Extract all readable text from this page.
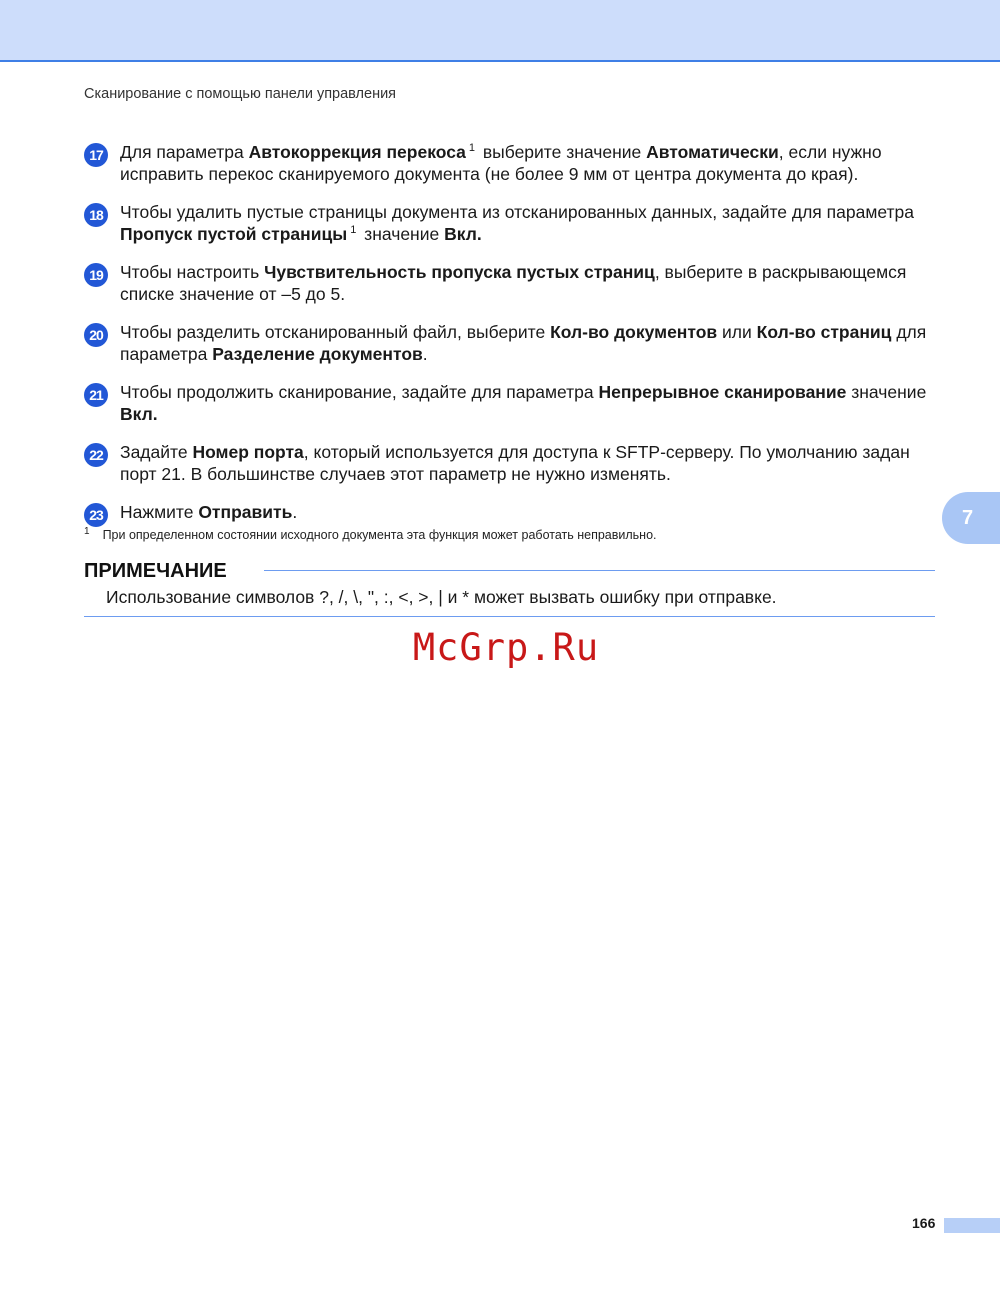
Сканирование с помощью панели управления
17 Для параметра Автокоррекция перекоса $^1$ выберите значение Автоматически, если нужно исправить перекос сканируемого документа (не более 9 мм от центра документа до края).
18 Чтобы удалить пустые страницы документа из отсканированных данных, задайте для параметра Пропуск пустой страницы $^1$ значение Вкл.
19 Чтобы настроить Чувствительность пропуска пустых страниц, выберите в раскрывающемся списке значение от –5 до 5.
20 Чтобы разделить отсканированный файл, выберите Кол-во документов или Кол-во страниц для параметра Разделение документов.
21 Чтобы продолжить сканирование, задайте для параметра Непрерывное сканирование значение Вкл.
22 Задайте Номер порта, который используется для доступа к SFTP-серверу. По умолчанию задан порт 21. В большинстве случаев этот параметр не нужно изменять.
23 Нажмите Отправить.
$^1$ При определенном состоянии исходного документа эта функция может работать неправильно.
7
ПРИМЕЧАНИЕ
Использование символов ?, /, \, ", :, <, >, | и * может вызвать ошибку при отправке.
McGrp.Ru
166
